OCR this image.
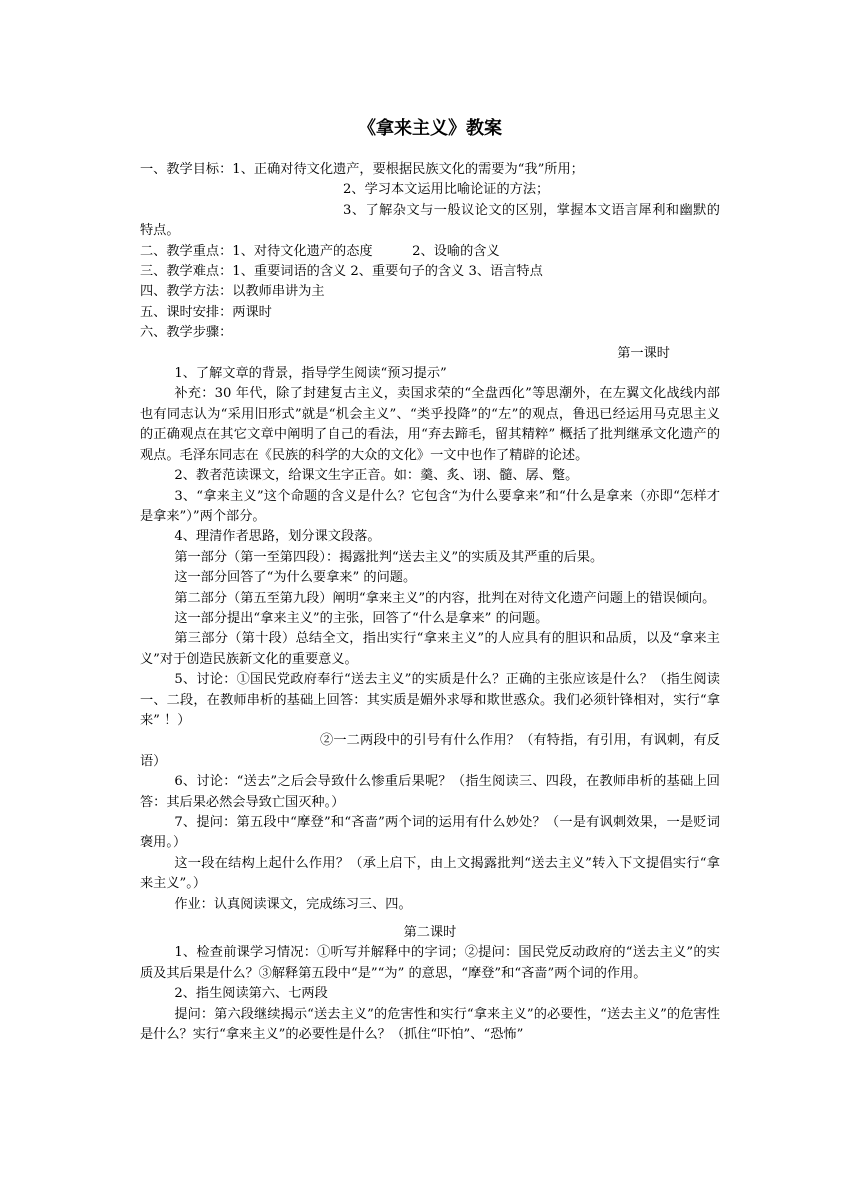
《拿来主义》教案

一、教学目标：1、正确对待文化遗产，要根据民族文化的需要为“我”所用；

2、学习本文运用比喻论证的方法；

3、了解杂文与一般议论文的区别，掌握本文语言犀利和幽默的特点。

二、教学重点：1、对待文化遗产的态度　　　2、设喻的含义

三、教学难点：1、重要词语的含义 2、重要句子的含义 3、语言特点

四、教学方法：以教师串讲为主

五、课时安排：两课时

六、教学步骤：

第一课时

1、了解文章的背景，指导学生阅读“预习提示”

补充：30 年代，除了封建复古主义，卖国求荣的“全盘西化”等思潮外，在左翼文化战线内部也有同志认为“采用旧形式”就是“机会主义”、“类乎投降”的“左”的观点，鲁迅已经运用马克思主义的正确观点在其它文章中阐明了自己的看法，用“弃去蹄毛，留其精粹” 概括了批判继承文化遗产的观点。毛泽东同志在《民族的科学的大众的文化》一文中也作了精辟的论述。

2、教者范读课文，给课文生字正音。如：羹、炙、诩、髓、孱、蹩。

3、“拿来主义”这个命题的含义是什么？它包含“为什么要拿来”和“什么是拿来（亦即“怎样才是拿来”）”两个部分。

4、理清作者思路，划分课文段落。

第一部分（第一至第四段）：揭露批判“送去主义”的实质及其严重的后果。

这一部分回答了“为什么要拿来” 的问题。

第二部分（第五至第九段）阐明“拿来主义”的内容，批判在对待文化遗产问题上的错误倾向。

这一部分提出“拿来主义”的主张，回答了“什么是拿来” 的问题。

第三部分（第十段）总结全文，指出实行“拿来主义”的人应具有的胆识和品质，以及“拿来主义”对于创造民族新文化的重要意义。

5、讨论：①国民党政府奉行“送去主义”的实质是什么？正确的主张应该是什么？（指生阅读一、二段，在教师串析的基础上回答：其实质是媚外求辱和欺世惑众。我们必须针锋相对，实行“拿来” ！）

②一二两段中的引号有什么作用？（有特指，有引用，有讽刺，有反语）

6、讨论：“送去”之后会导致什么惨重后果呢？（指生阅读三、四段，在教师串析的基础上回答：其后果必然会导致亡国灭种。）

7、提问：第五段中“摩登”和“吝啬”两个词的运用有什么妙处？（一是有讽刺效果，一是贬词褒用。）

这一段在结构上起什么作用？（承上启下，由上文揭露批判“送去主义”转入下文提倡实行“拿来主义”。）

作业：认真阅读课文，完成练习三、四。

第二课时

1、检查前课学习情况：①听写并解释中的字词；②提问：国民党反动政府的“送去主义”的实质及其后果是什么？③解释第五段中“是”“为” 的意思，“摩登”和“吝啬”两个词的作用。

2、指生阅读第六、七两段

提问：第六段继续揭示“送去主义”的危害性和实行“拿来主义”的必要性，“送去主义”的危害性是什么？实行“拿来主义”的必要性是什么？（抓住“吓怕”、“恐怖”
